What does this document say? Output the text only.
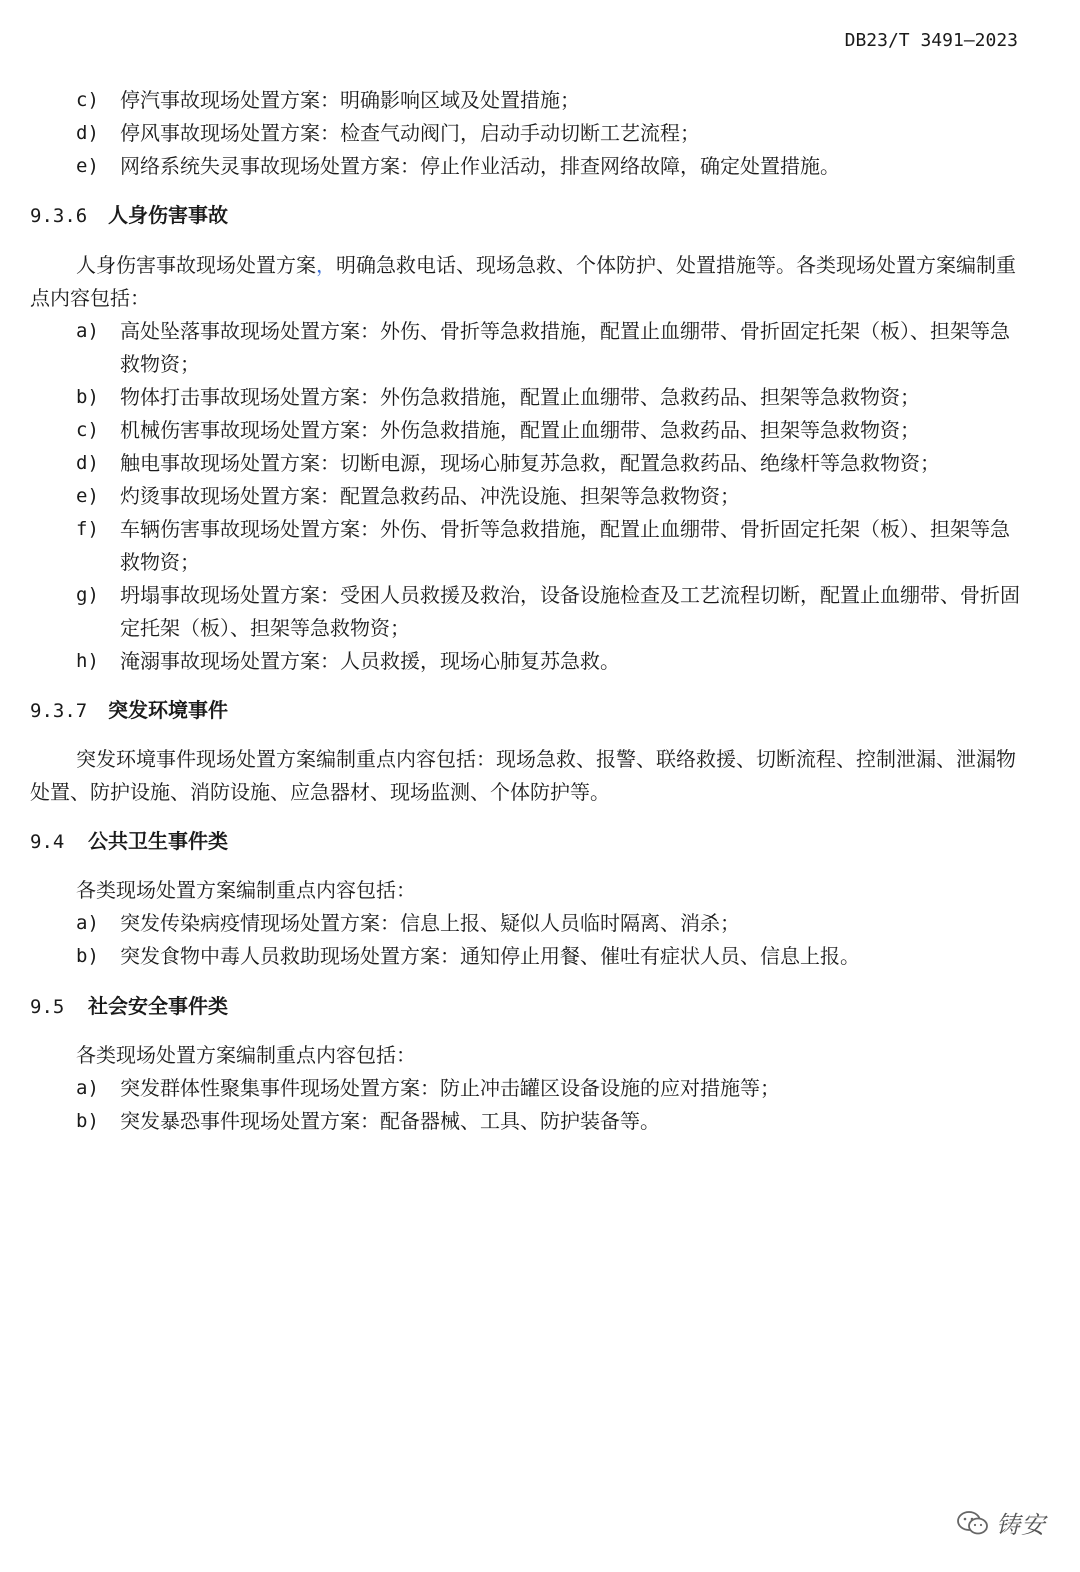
DB23/T 3491—2023
c) 停汽事故现场处置方案：明确影响区域及处置措施；
d) 停风事故现场处置方案：检查气动阀门，启动手动切断工艺流程；
e) 网络系统失灵事故现场处置方案：停止作业活动，排查网络故障，确定处置措施。
9.3.6 人身伤害事故
人身伤害事故现场处置方案，明确急救电话、现场急救、个体防护、处置措施等。各类现场处置方案编制重点内容包括：
a) 高处坠落事故现场处置方案：外伤、骨折等急救措施，配置止血绷带、骨折固定托架（板）、担架等急救物资；
b) 物体打击事故现场处置方案：外伤急救措施，配置止血绷带、急救药品、担架等急救物资；
c) 机械伤害事故现场处置方案：外伤急救措施，配置止血绷带、急救药品、担架等急救物资；
d) 触电事故现场处置方案：切断电源，现场心肺复苏急救，配置急救药品、绝缘杆等急救物资；
e) 灼烫事故现场处置方案：配置急救药品、冲洗设施、担架等急救物资；
f) 车辆伤害事故现场处置方案：外伤、骨折等急救措施，配置止血绷带、骨折固定托架（板）、担架等急救物资；
g) 坍塌事故现场处置方案：受困人员救援及救治，设备设施检查及工艺流程切断，配置止血绷带、骨折固定托架（板）、担架等急救物资；
h) 淹溺事故现场处置方案：人员救援，现场心肺复苏急救。
9.3.7 突发环境事件
突发环境事件现场处置方案编制重点内容包括：现场急救、报警、联络救援、切断流程、控制泄漏、泄漏物处置、防护设施、消防设施、应急器材、现场监测、个体防护等。
9.4 公共卫生事件类
各类现场处置方案编制重点内容包括：
a) 突发传染病疫情现场处置方案：信息上报、疑似人员临时隔离、消杀；
b) 突发食物中毒人员救助现场处置方案：通知停止用餐、催吐有症状人员、信息上报。
9.5 社会安全事件类
各类现场处置方案编制重点内容包括：
a) 突发群体性聚集事件现场处置方案：防止冲击罐区设备设施的应对措施等；
b) 突发暴恐事件现场处置方案：配备器械、工具、防护装备等。
铸安
